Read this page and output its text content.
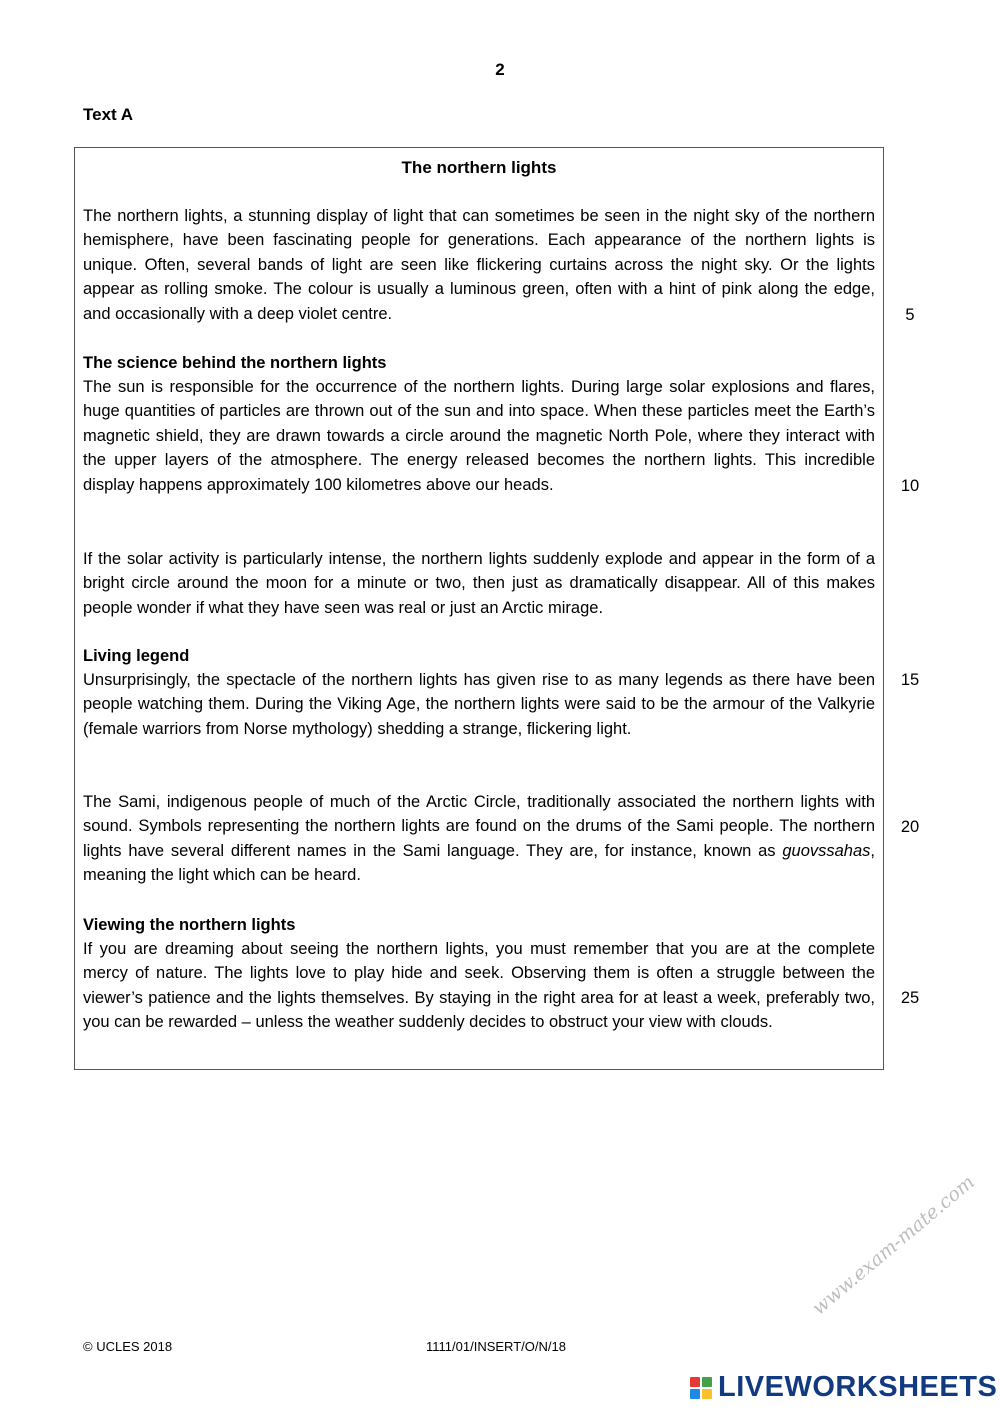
2
Text A
The northern lights

The northern lights, a stunning display of light that can sometimes be seen in the night sky of the northern hemisphere, have been fascinating people for generations. Each appearance of the northern lights is unique. Often, several bands of light are seen like flickering curtains across the night sky. Or the lights appear as rolling smoke. The colour is usually a luminous green, often with a hint of pink along the edge, and occasionally with a deep violet centre.	5
The science behind the northern lights

The sun is responsible for the occurrence of the northern lights. During large solar explosions and flares, huge quantities of particles are thrown out of the sun and into space. When these particles meet the Earth’s magnetic shield, they are drawn towards a circle around the magnetic North Pole, where they interact with the upper layers of the atmosphere. The energy released becomes the northern lights. This incredible display happens approximately 100 kilometres above our heads.	10

If the solar activity is particularly intense, the northern lights suddenly explode and appear in the form of a bright circle around the moon for a minute or two, then just as dramatically disappear. All of this makes people wonder if what they have seen was real or just an Arctic mirage.

Living legend

Unsurprisingly, the spectacle of the northern lights has given rise to as many legends as there have been people watching them. During the Viking Age, the northern lights were said to be the armour of the Valkyrie (female warriors from Norse mythology) shedding a strange, flickering light.

15

The Sami, indigenous people of much of the Arctic Circle, traditionally associated the northern lights with sound. Symbols representing the northern lights are found on the drums of the Sami people. The northern lights have several different names in the Sami language. They are, for instance, known as guovssahas, meaning the light which can be heard.

20
Viewing the northern lights

If you are dreaming about seeing the northern lights, you must remember that you are at the complete mercy of nature. The lights love to play hide and seek. Observing them is often a struggle between the viewer’s patience and the lights themselves. By staying in the right area for at least a week, preferably two, you can be rewarded – unless the weather suddenly decides to obstruct your view with clouds.

25
© UCLES 2018	1111/01/INSERT/O/N/18
www.exam-mate.com
LIVEWORKSHEETS
